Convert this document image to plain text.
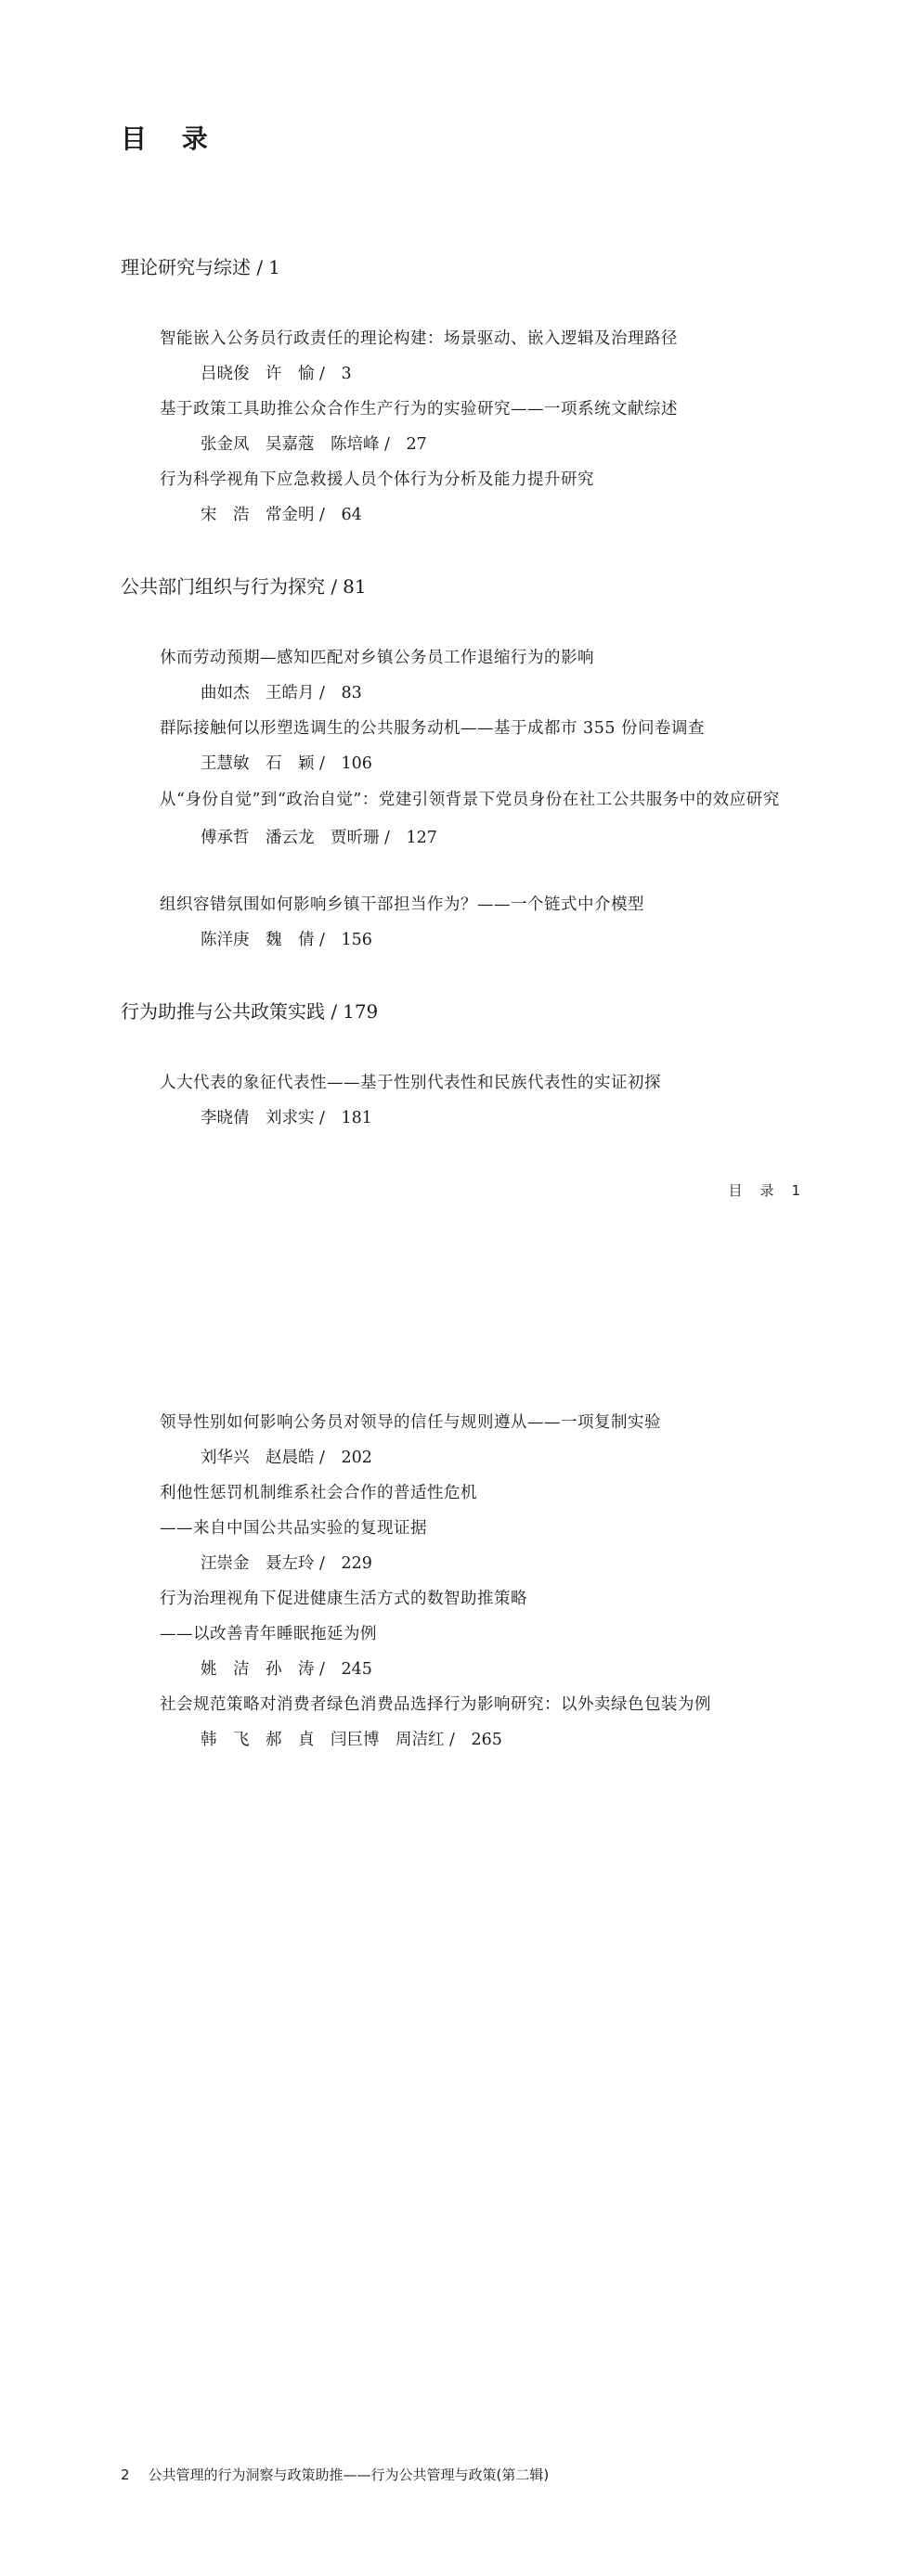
目 录
理论研究与综述 / 1
智能嵌入公务员行政责任的理论构建：场景驱动、嵌入逻辑及治理路径
吕晓俊　许　愉 /　 3
基于政策工具助推公众合作生产行为的实验研究——一项系统文献综述
张金凤　吴嘉蔻　陈培峰 /　 27
行为科学视角下应急救援人员个体行为分析及能力提升研究
宋　浩　常金明 /　 64
公共部门组织与行为探究 / 81
休而劳动预期—感知匹配对乡镇公务员工作退缩行为的影响
曲如杰　王皓月 /　 83
群际接触何以形塑选调生的公共服务动机——基于成都市 355 份问卷调查
王慧敏　石　颖 /　 106
从“身份自觉”到“政治自觉”：党建引领背景下党员身份在社工公共服务中的效应研究
傅承哲　潘云龙　贾昕珊 /　 127
组织容错氛围如何影响乡镇干部担当作为？——一个链式中介模型
陈洋庚　魏　倩 /　 156
行为助推与公共政策实践 / 179
人大代表的象征代表性——基于性别代表性和民族代表性的实证初探
李晓倩　刘求实 /　 181
目　录　1
领导性别如何影响公务员对领导的信任与规则遵从——一项复制实验
刘华兴　赵晨皓 /　 202
利他性惩罚机制维系社会合作的普适性危机
——来自中国公共品实验的复现证据
汪崇金　聂左玲 /　 229
行为治理视角下促进健康生活方式的数智助推策略
——以改善青年睡眠拖延为例
姚　洁　孙　涛 /　 245
社会规范策略对消费者绿色消费品选择行为影响研究：以外卖绿色包装为例
韩　飞　郝　貞　闫巨博　周洁红 /　 265
2 公共管理的行为洞察与政策助推——行为公共管理与政策(第二辑)
